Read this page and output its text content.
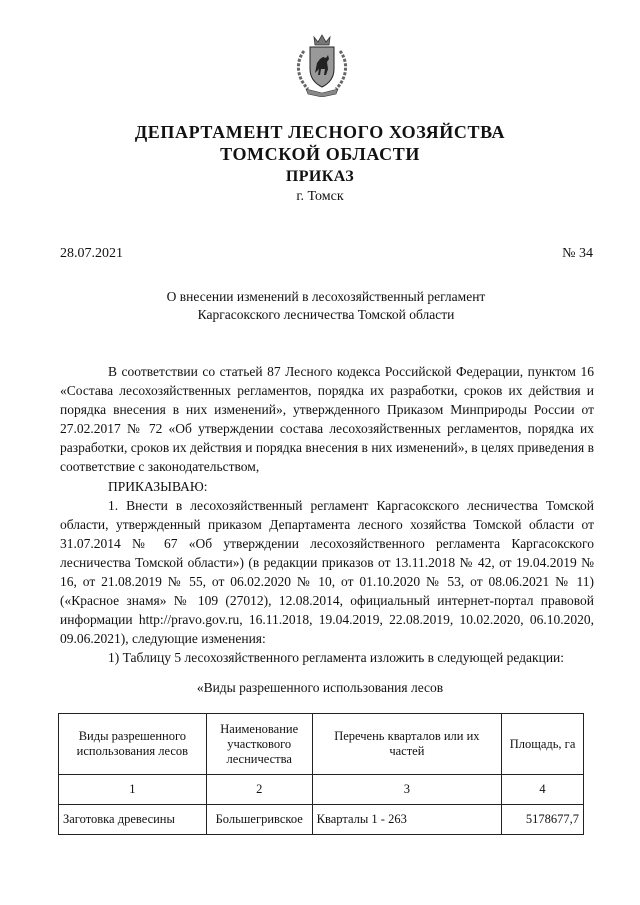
ДЕПАРТАМЕНТ ЛЕСНОГО ХОЗЯЙСТВА
ТОМСКОЙ ОБЛАСТИ
ПРИКАЗ
г. Томск
28.07.2021	№ 34
О внесении изменений в лесохозяйственный регламент
Каргасокского лесничества Томской области

В соответствии со статьей 87 Лесного кодекса Российской Федерации, пунктом 16 «Состава лесохозяйственных регламентов, порядка их разработки, сроков их действия и порядка внесения в них изменений», утвержденного Приказом Минприроды России от 27.02.2017 № 72 «Об утверждении состава лесохозяйственных регламентов, порядка их разработки, сроков их действия и порядка внесения в них изменений», в целях приведения в соответствие с законодательством,

ПРИКАЗЫВАЮ:

1. Внести в лесохозяйственный регламент Каргасокского лесничества Томской области, утвержденный приказом Департамента лесного хозяйства Томской области от 31.07.2014 № 67 «Об утверждении лесохозяйственного регламента Каргасокского лесничества Томской области») (в редакции приказов от 13.11.2018 № 42, от 19.04.2019 № 16, от 21.08.2019 № 55, от 06.02.2020 № 10, от 01.10.2020 № 53, от 08.06.2021 № 11) («Красное знамя» № 109 (27012), 12.08.2014, официальный интернет-портал правовой информации http://pravo.gov.ru, 16.11.2018, 19.04.2019, 22.08.2019, 10.02.2020, 06.10.2020, 09.06.2021), следующие изменения:

1) Таблицу 5 лесохозяйственного регламента изложить в следующей редакции:

«Виды разрешенного использования лесов
Виды разрешенного использования лесов	Наименование участкового лесничества	Перечень кварталов или их частей	Площадь, га
1	2	3	4
Заготовка древесины	Большегривское	Кварталы 1 - 263	5178677,7
